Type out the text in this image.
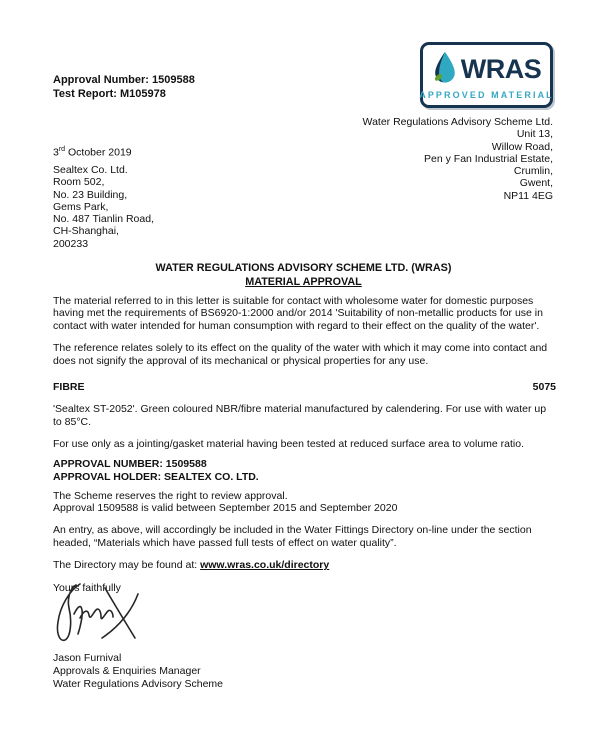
Approval Number: 1509588
Test Report: M105978
WRAS
APPROVED MATERIAL
Water Regulations Advisory Scheme Ltd.
Unit 13,
Willow Road,
Pen y Fan Industrial Estate,
Crumlin,
Gwent,
NP11 4EG
3rd October 2019
Sealtex Co. Ltd.
Room 502,
No. 23 Building,
Gems Park,
No. 487 Tianlin Road,
CH-Shanghai,
200233
WATER REGULATIONS ADVISORY SCHEME LTD. (WRAS)
MATERIAL APPROVAL

The material referred to in this letter is suitable for contact with wholesome water for domestic purposes having met the requirements of BS6920-1:2000 and/or 2014 'Suitability of non-metallic products for use in contact with water intended for human consumption with regard to their effect on the quality of the water'.

The reference relates solely to its effect on the quality of the water with which it may come into contact and does not signify the approval of its mechanical or physical properties for any use.

FIBRE	5075

'Sealtex ST-2052'. Green coloured NBR/fibre material manufactured by calendering. For use with water up to 85°C.

For use only as a jointing/gasket material having been tested at reduced surface area to volume ratio.

APPROVAL NUMBER: 1509588
APPROVAL HOLDER: SEALTEX CO. LTD.
The Scheme reserves the right to review approval.
Approval 1509588 is valid between September 2015 and September 2020

An entry, as above, will accordingly be included in the Water Fittings Directory on-line under the section headed, “Materials which have passed full tests of effect on water quality”.

The Directory may be found at: www.wras.co.uk/directory

Yours faithfully

Jason Furnival
Approvals & Enquiries Manager
Water Regulations Advisory Scheme
